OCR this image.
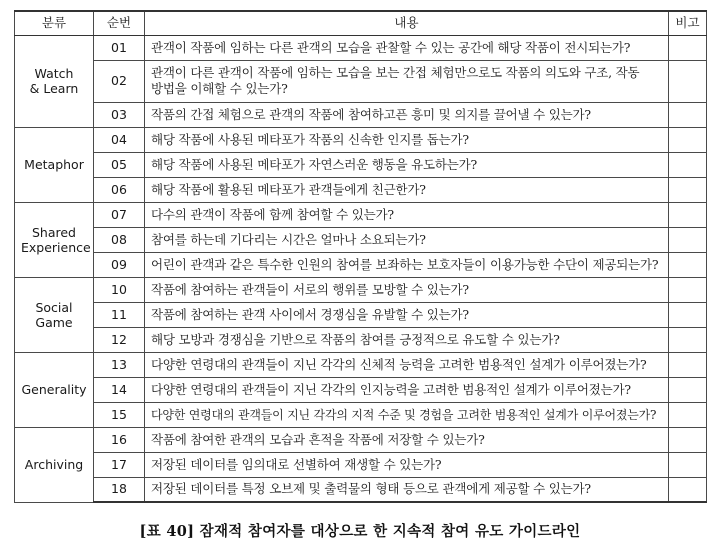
분류	순번	내용	비고
Watch
& Learn	01	관객이 작품에 임하는 다른 관객의 모습을 관찰할 수 있는 공간에 해당 작품이 전시되는가?	
	02	관객이 다른 관객이 작품에 임하는 모습을 보는 간접 체험만으로도 작품의 의도와 구조, 작동 방법을 이해할 수 있는가?	
	03	작품의 간접 체험으로 관객의 작품에 참여하고픈 흥미 및 의지를 끌어낼 수 있는가?	
Metaphor	04	해당 작품에 사용된 메타포가 작품의 신속한 인지를 돕는가?	
	05	해당 작품에 사용된 메타포가 자연스러운 행동을 유도하는가?	
	06	해당 작품에 활용된 메타포가 관객들에게 친근한가?	
Shared
Experience	07	다수의 관객이 작품에 함께 참여할 수 있는가?	
	08	참여를 하는데 기다리는 시간은 얼마나 소요되는가?	
	09	어린이 관객과 같은 특수한 인원의 참여를 보좌하는 보호자들이 이용가능한 수단이 제공되는가?	
Social
Game	10	작품에 참여하는 관객들이 서로의 행위를 모방할 수 있는가?	
	11	작품에 참여하는 관객 사이에서 경쟁심을 유발할 수 있는가?	
	12	해당 모방과 경쟁심을 기반으로 작품의 참여를 긍정적으로 유도할 수 있는가?	
Generality	13	다양한 연령대의 관객들이 지닌 각각의 신체적 능력을 고려한 범용적인 설계가 이루어졌는가?	
	14	다양한 연령대의 관객들이 지닌 각각의 인지능력을 고려한 범용적인 설계가 이루어졌는가?	
	15	다양한 연령대의 관객들이 지닌 각각의 지적 수준 및 경험을 고려한 범용적인 설계가 이루어졌는가?	
Archiving	16	작품에 참여한 관객의 모습과 흔적을 작품에 저장할 수 있는가?	
	17	저장된 데이터를 임의대로 선별하여 재생할 수 있는가?	
	18	저장된 데이터를 특정 오브제 및 출력물의 형태 등으로 관객에게 제공할 수 있는가?	
[표 40] 잠재적 참여자를 대상으로 한 지속적 참여 유도 가이드라인
